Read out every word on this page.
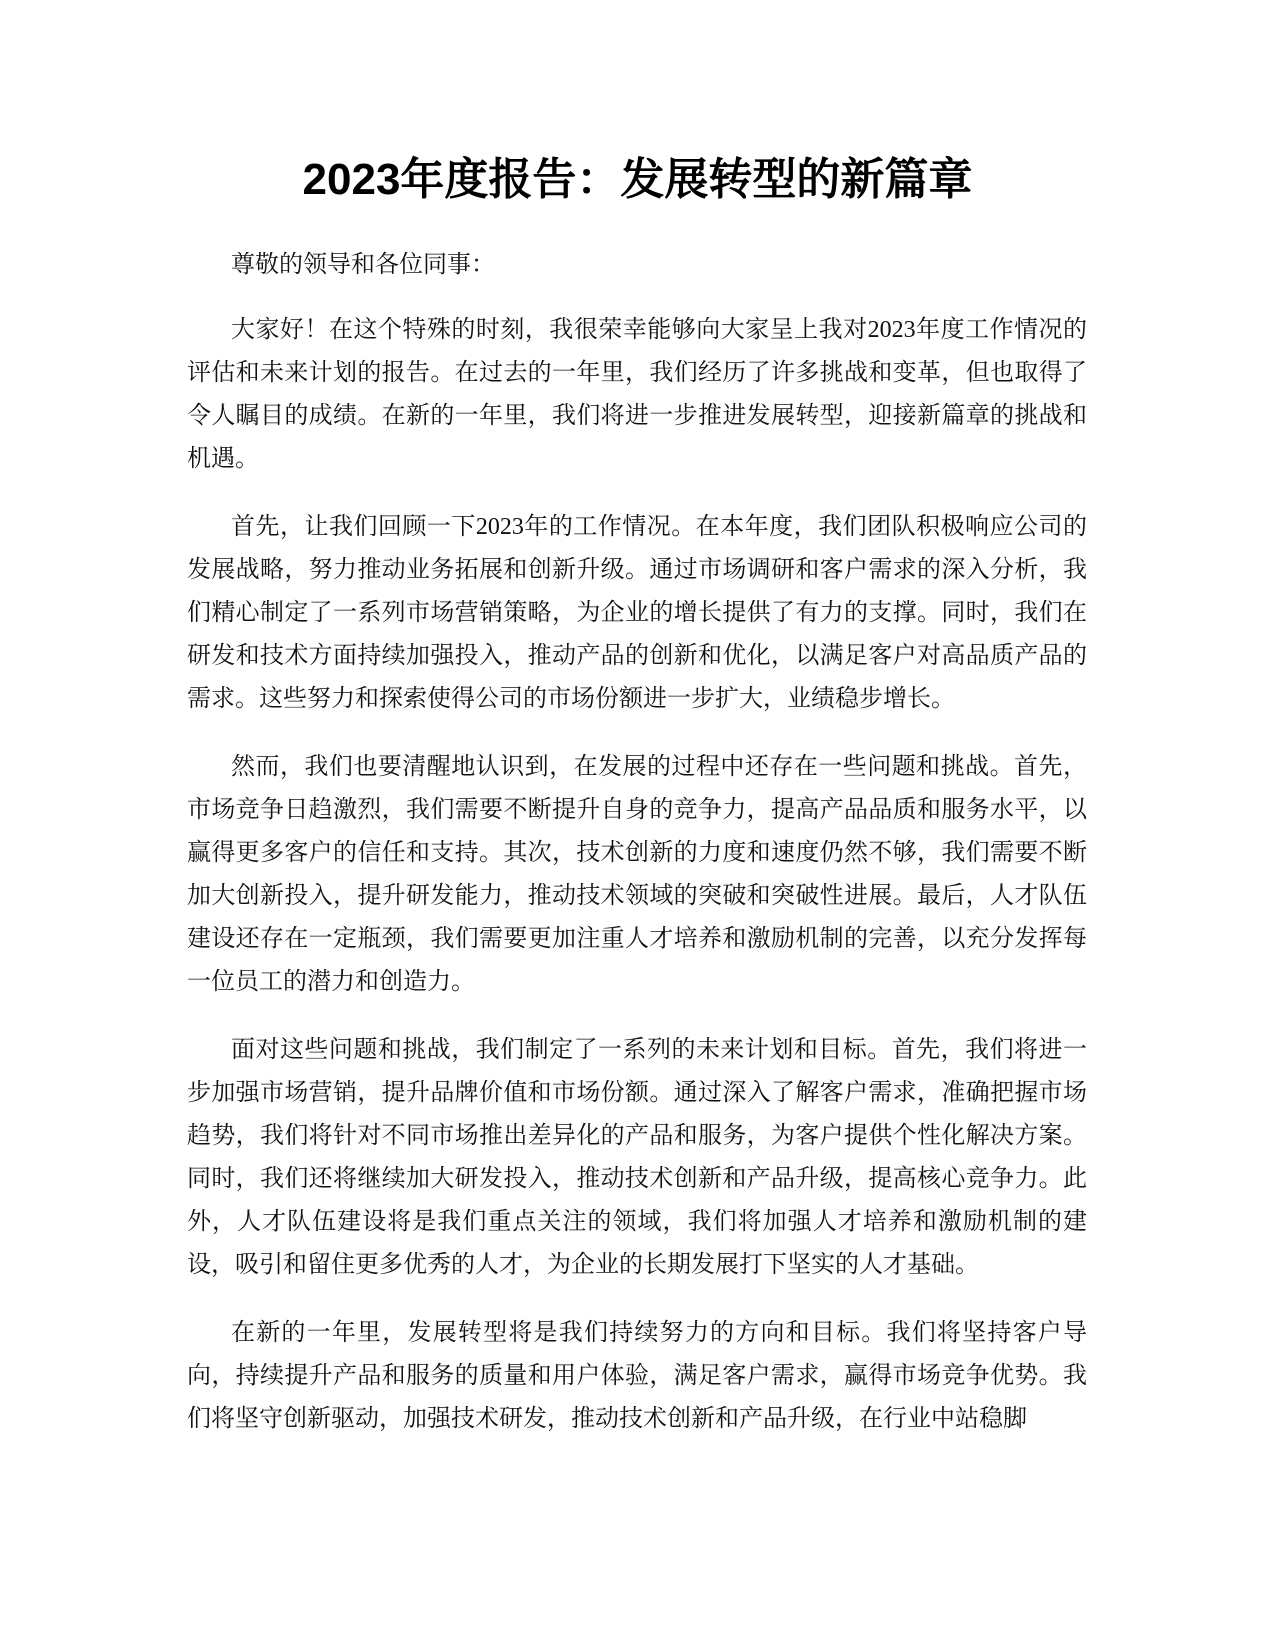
2023年度报告：发展转型的新篇章

尊敬的领导和各位同事：

大家好！在这个特殊的时刻，我很荣幸能够向大家呈上我对2023年度工作情况的评估和未来计划的报告。在过去的一年里，我们经历了许多挑战和变革，但也取得了令人瞩目的成绩。在新的一年里，我们将进一步推进发展转型，迎接新篇章的挑战和机遇。

首先，让我们回顾一下2023年的工作情况。在本年度，我们团队积极响应公司的发展战略，努力推动业务拓展和创新升级。通过市场调研和客户需求的深入分析，我们精心制定了一系列市场营销策略，为企业的增长提供了有力的支撑。同时，我们在研发和技术方面持续加强投入，推动产品的创新和优化，以满足客户对高品质产品的需求。这些努力和探索使得公司的市场份额进一步扩大，业绩稳步增长。

然而，我们也要清醒地认识到，在发展的过程中还存在一些问题和挑战。首先，市场竞争日趋激烈，我们需要不断提升自身的竞争力，提高产品品质和服务水平，以赢得更多客户的信任和支持。其次，技术创新的力度和速度仍然不够，我们需要不断加大创新投入，提升研发能力，推动技术领域的突破和突破性进展。最后，人才队伍建设还存在一定瓶颈，我们需要更加注重人才培养和激励机制的完善，以充分发挥每一位员工的潜力和创造力。

面对这些问题和挑战，我们制定了一系列的未来计划和目标。首先，我们将进一步加强市场营销，提升品牌价值和市场份额。通过深入了解客户需求，准确把握市场趋势，我们将针对不同市场推出差异化的产品和服务，为客户提供个性化解决方案。同时，我们还将继续加大研发投入，推动技术创新和产品升级，提高核心竞争力。此外，人才队伍建设将是我们重点关注的领域，我们将加强人才培养和激励机制的建设，吸引和留住更多优秀的人才，为企业的长期发展打下坚实的人才基础。

在新的一年里，发展转型将是我们持续努力的方向和目标。我们将坚持客户导向，持续提升产品和服务的质量和用户体验，满足客户需求，赢得市场竞争优势。我们将坚守创新驱动，加强技术研发，推动技术创新和产品升级，在行业中站稳脚
